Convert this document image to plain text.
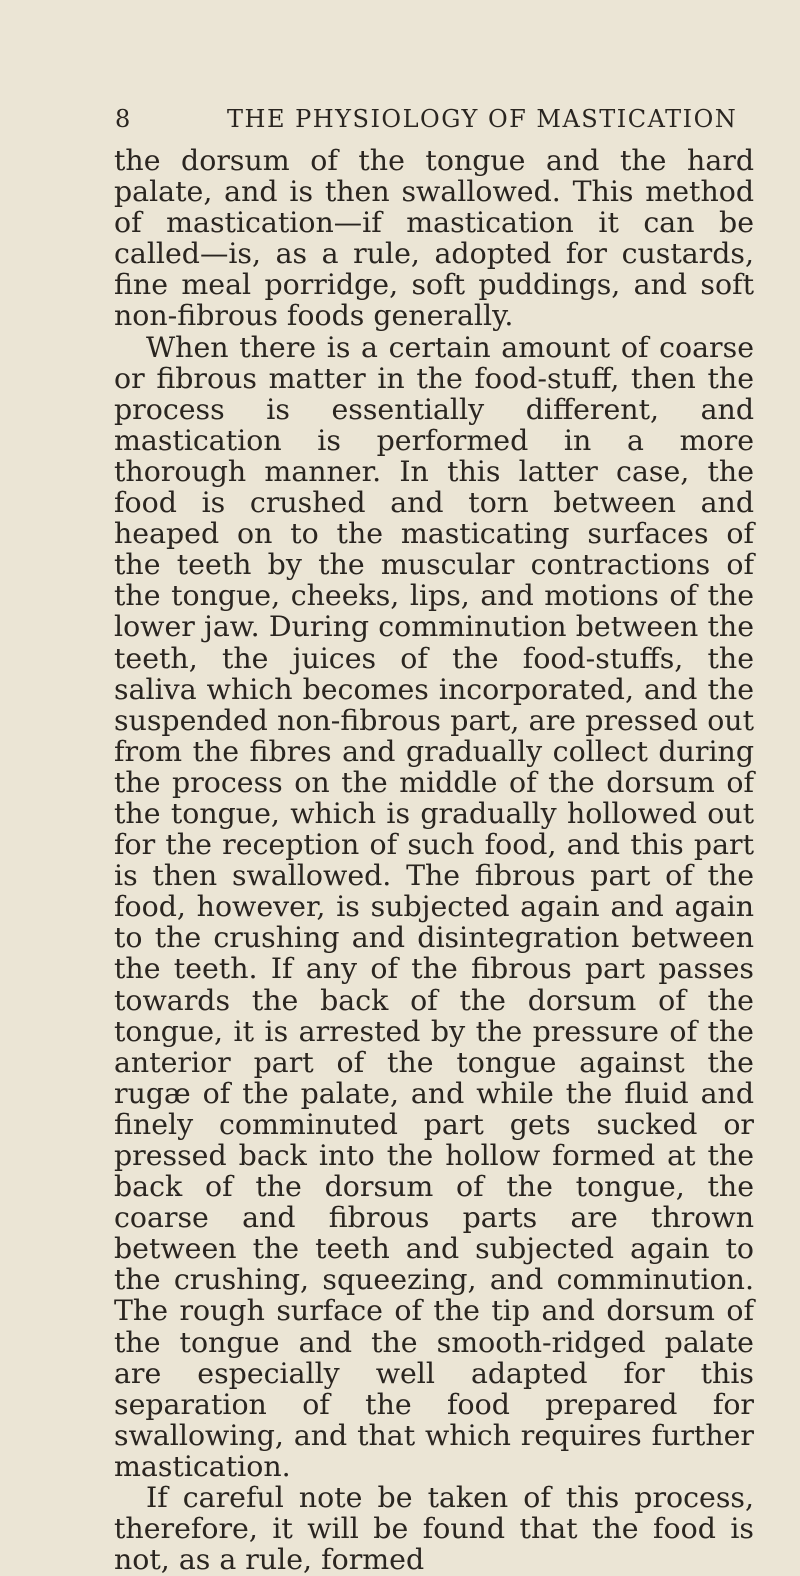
8	THE PHYSIOLOGY OF MASTICATION

the dorsum of the tongue and the hard palate, and is then swallowed. This method of mastication—if mastication it can be called—is, as a rule, adopted for custards, fine meal porridge, soft puddings, and soft non-fibrous foods generally.

When there is a certain amount of coarse or fibrous matter in the food-stuff, then the process is essentially different, and mastication is performed in a more thorough manner. In this latter case, the food is crushed and torn between and heaped on to the masticating surfaces of the teeth by the muscular contractions of the tongue, cheeks, lips, and motions of the lower jaw. During comminution between the teeth, the juices of the food-stuffs, the saliva which becomes incorporated, and the suspended non-fibrous part, are pressed out from the fibres and gradually collect during the process on the middle of the dorsum of the tongue, which is gradually hollowed out for the reception of such food, and this part is then swallowed. The fibrous part of the food, however, is subjected again and again to the crushing and disintegration between the teeth. If any of the fibrous part passes towards the back of the dorsum of the tongue, it is arrested by the pressure of the anterior part of the tongue against the rugæ of the palate, and while the fluid and finely comminuted part gets sucked or pressed back into the hollow formed at the back of the dorsum of the tongue, the coarse and fibrous parts are thrown between the teeth and subjected again to the crushing, squeezing, and comminution. The rough surface of the tip and dorsum of the tongue and the smooth-ridged palate are especially well adapted for this separation of the food prepared for swallowing, and that which requires further mastication.

If careful note be taken of this process, therefore, it will be found that the food is not, as a rule, formed
